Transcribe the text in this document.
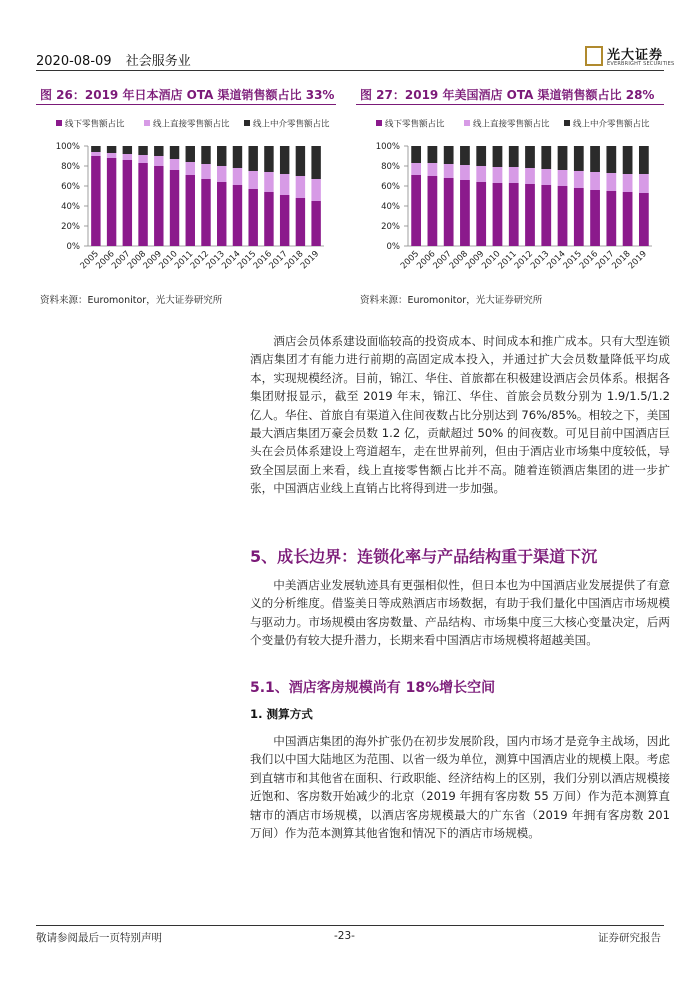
2020-08-09 社会服务业	光大证券
EVERBRIGHT SECURITIES
图 26：2019 年日本酒店 OTA 渠道销售额占比 33%
线下零售额占比	线上直接零售额占比	线上中介零售额占比
0%
20%
40%
60%
80%
100%
2005
2006
2007
2008
2009
2010
2011
2012
2013
2014
2015
2016
2017
2018
2019
资料来源：Euromonitor，光大证券研究所
图 27：2019 年美国酒店 OTA 渠道销售额占比 28%
线下零售额占比	线上直接零售额占比	线上中介零售额占比
0%
20%
40%
60%
80%
100%
2005
2006
2007
2008
2009
2010
2011
2012
2013
2014
2015
2016
2017
2018
2019
资料来源：Euromonitor，光大证券研究所

酒店会员体系建设面临较高的投资成本、时间成本和推广成本。只有大型连锁酒店集团才有能力进行前期的高固定成本投入，并通过扩大会员数量降低平均成本，实现规模经济。目前，锦江、华住、首旅都在积极建设酒店会员体系。根据各集团财报显示，截至 2019 年末，锦江、华住、首旅会员数分别为 1.9/1.5/1.2 亿人。华住、首旅自有渠道入住间夜数占比分别达到 76%/85%。相较之下，美国最大酒店集团万豪会员数 1.2 亿，贡献超过 50% 的间夜数。可见目前中国酒店巨头在会员体系建设上弯道超车，走在世界前列，但由于酒店业市场集中度较低，导致全国层面上来看，线上直接零售额占比并不高。随着连锁酒店集团的进一步扩张，中国酒店业线上直销占比将得到进一步加强。

5、成长边界：连锁化率与产品结构重于渠道下沉

中美酒店业发展轨迹具有更强相似性，但日本也为中国酒店业发展提供了有意义的分析维度。借鉴美日等成熟酒店市场数据，有助于我们量化中国酒店市场规模与驱动力。市场规模由客房数量、产品结构、市场集中度三大核心变量决定，后两个变量仍有较大提升潜力，长期来看中国酒店市场规模将超越美国。

5.1、酒店客房规模尚有 18%增长空间
1. 测算方式

中国酒店集团的海外扩张仍在初步发展阶段，国内市场才是竞争主战场，因此我们以中国大陆地区为范围、以省一级为单位，测算中国酒店业的规模上限。考虑到直辖市和其他省在面积、行政职能、经济结构上的区别，我们分别以酒店规模接近饱和、客房数开始减少的北京（2019 年拥有客房数 55 万间）作为范本测算直辖市的酒店市场规模，以酒店客房规模最大的广东省（2019 年拥有客房数 201 万间）作为范本测算其他省饱和情况下的酒店市场规模。

敬请参阅最后一页特别声明	-23-	证券研究报告
